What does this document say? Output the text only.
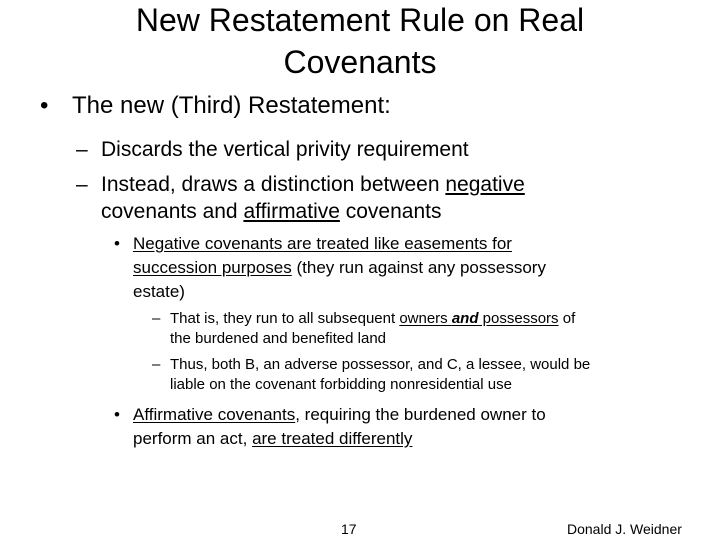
New Restatement Rule on Real
Covenants
• The new (Third) Restatement:
– Discards the vertical privity requirement
– Instead, draws a distinction between negative
covenants and affirmative covenants
• Negative covenants are treated like easements for
succession purposes (they run against any possessory
estate)
– That is, they run to all subsequent owners and possessors of
the burdened and benefited land
– Thus, both B, an adverse possessor, and C, a lessee, would be
liable on the covenant forbidding nonresidential use
• Affirmative covenants, requiring the burdened owner to
perform an act, are treated differently
17	Donald J. Weidner
